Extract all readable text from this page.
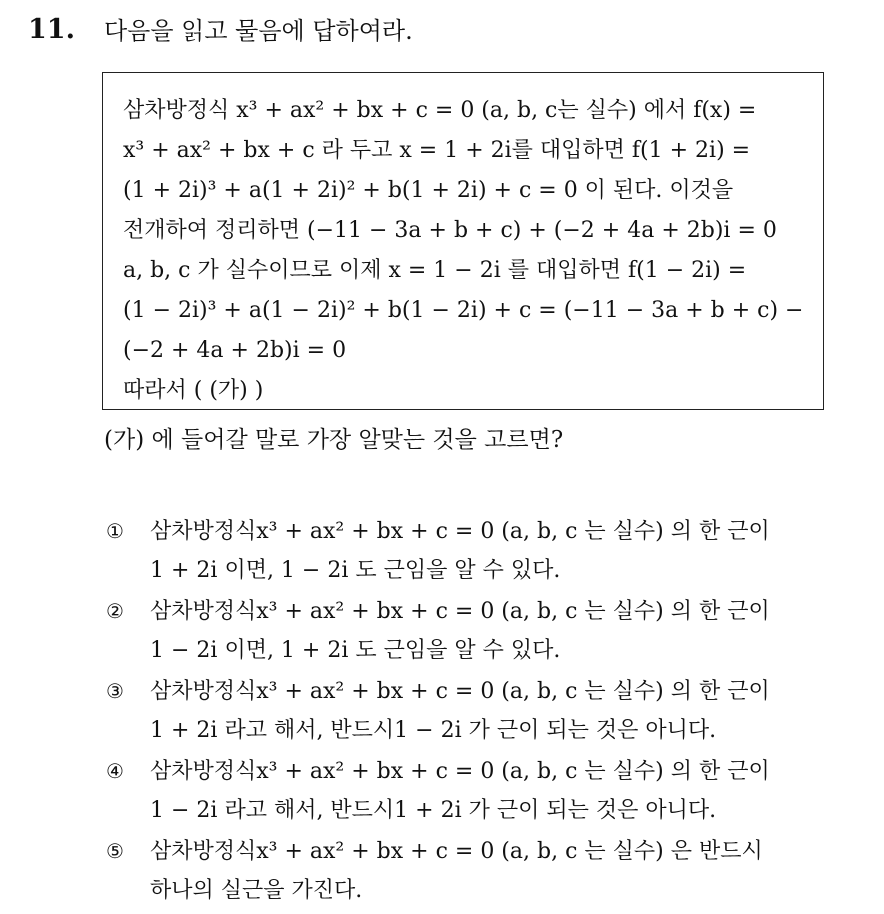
11. 다음을 읽고 물음에 답하여라.
삼차방정식 x³ + ax² + bx + c = 0 (a, b, c는 실수) 에서 f(x) =
x³ + ax² + bx + c 라 두고 x = 1 + 2i를 대입하면 f(1 + 2i) =
(1 + 2i)³ + a(1 + 2i)² + b(1 + 2i) + c = 0 이 된다. 이것을
전개하여 정리하면 (−11 − 3a + b + c) + (−2 + 4a + 2b)i = 0
a, b, c 가 실수이므로 이제 x = 1 − 2i 를 대입하면 f(1 − 2i) =
(1 − 2i)³ + a(1 − 2i)² + b(1 − 2i) + c = (−11 − 3a + b + c) −
(−2 + 4a + 2b)i = 0
따라서 ( (가) )
(가) 에 들어갈 말로 가장 알맞는 것을 고르면?
① 삼차방정식x³ + ax² + bx + c = 0 (a, b, c 는 실수) 의 한 근이
1 + 2i 이면, 1 − 2i 도 근임을 알 수 있다.
② 삼차방정식x³ + ax² + bx + c = 0 (a, b, c 는 실수) 의 한 근이
1 − 2i 이면, 1 + 2i 도 근임을 알 수 있다.
③ 삼차방정식x³ + ax² + bx + c = 0 (a, b, c 는 실수) 의 한 근이
1 + 2i 라고 해서, 반드시1 − 2i 가 근이 되는 것은 아니다.
④ 삼차방정식x³ + ax² + bx + c = 0 (a, b, c 는 실수) 의 한 근이
1 − 2i 라고 해서, 반드시1 + 2i 가 근이 되는 것은 아니다.
⑤ 삼차방정식x³ + ax² + bx + c = 0 (a, b, c 는 실수) 은 반드시
하나의 실근을 가진다.
